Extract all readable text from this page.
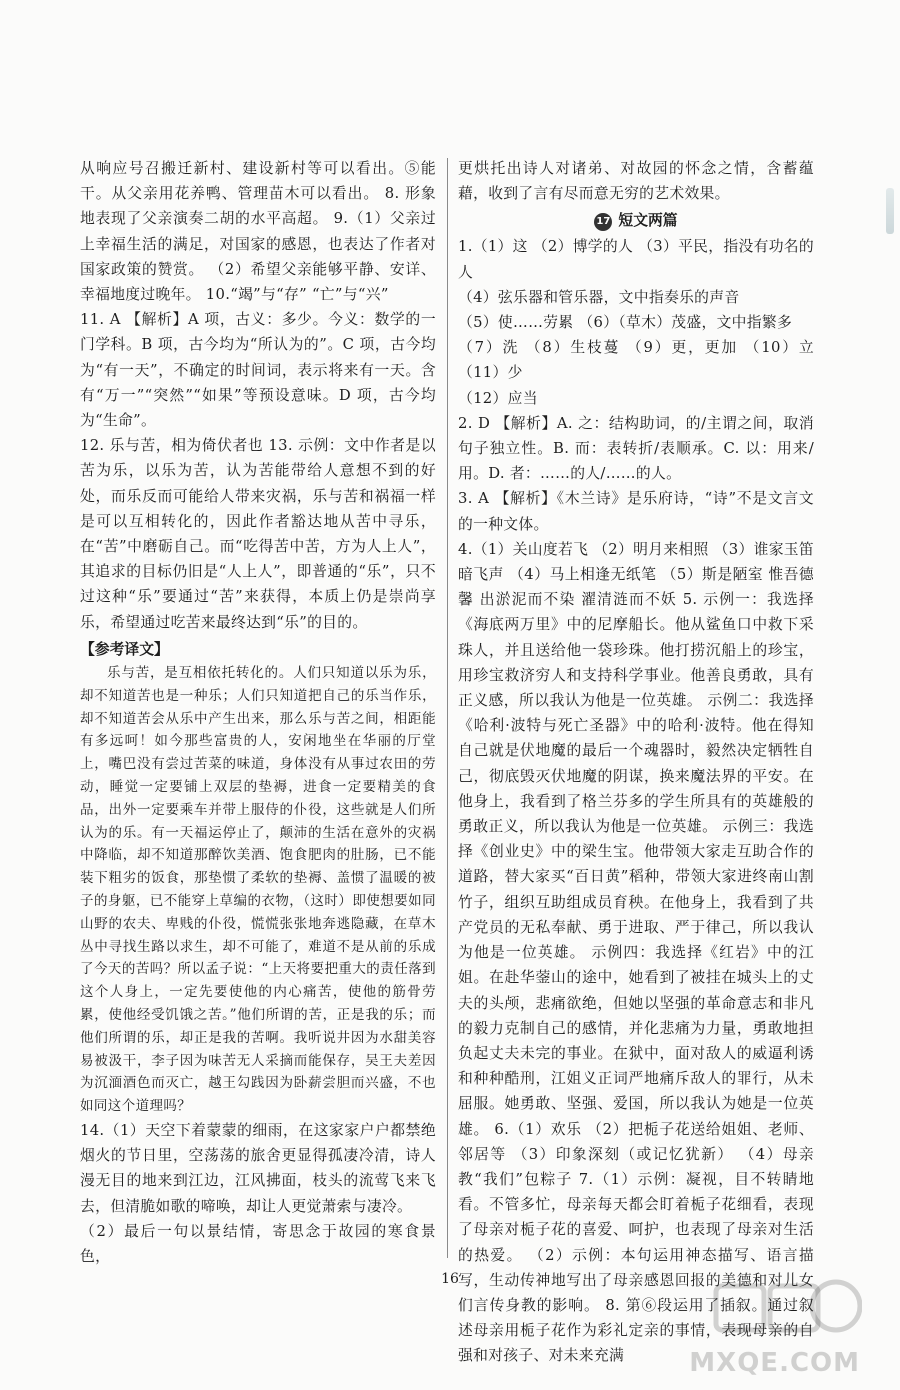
从响应号召搬迁新村、建设新村等可以看出。⑤能干。从父亲用花养鸭、管理苗木可以看出。 8. 形象地表现了父亲演奏二胡的水平高超。 9.（1）父亲过上幸福生活的满足，对国家的感恩，也表达了作者对国家政策的赞赏。 （2）希望父亲能够平静、安详、幸福地度过晚年。 10.“竭”与“存” “亡”与“兴”

11. A 【解析】A 项，古义：多少。今义：数学的一门学科。B 项，古今均为“所认为的”。C 项，古今均为“有一天”，不确定的时间词，表示将来有一天。含有“万一”“突然”“如果”等预设意味。D 项，古今均为“生命”。

12. 乐与苦，相为倚伏者也 13. 示例：文中作者是以苦为乐，以乐为苦，认为苦能带给人意想不到的好处，而乐反而可能给人带来灾祸，乐与苦和祸福一样是可以互相转化的，因此作者豁达地从苦中寻乐，在“苦”中磨砺自己。而“吃得苦中苦，方为人上人”，其追求的目标仍旧是“人上人”，即普通的“乐”，只不过这种“乐”要通过“苦”来获得，本质上仍是崇尚享乐，希望通过吃苦来最终达到“乐”的目的。

【参考译文】

乐与苦，是互相依托转化的。人们只知道以乐为乐，却不知道苦也是一种乐；人们只知道把自己的乐当作乐，却不知道苦会从乐中产生出来，那么乐与苦之间，相距能有多远呵！如今那些富贵的人，安闲地坐在华丽的厅堂上，嘴巴没有尝过苦菜的味道，身体没有从事过农田的劳动，睡觉一定要铺上双层的垫褥，进食一定要精美的食品，出外一定要乘车并带上服侍的仆役，这些就是人们所认为的乐。有一天福运停止了，颠沛的生活在意外的灾祸中降临，却不知道那醉饮美酒、饱食肥肉的肚肠，已不能装下粗劣的饭食，那垫惯了柔软的垫褥、盖惯了温暖的被子的身躯，已不能穿上草编的衣物，（这时）即使想要如同山野的农夫、卑贱的仆役，慌慌张张地奔逃隐藏，在草木丛中寻找生路以求生，却不可能了，难道不是从前的乐成了今天的苦吗？所以孟子说：“上天将要把重大的责任落到这个人身上，一定先要使他的内心痛苦，使他的筋骨劳累，使他经受饥饿之苦。”他们所谓的苦，正是我的乐；而他们所谓的乐，却正是我的苦啊。我听说井因为水甜美容易被汲干，李子因为味苦无人采摘而能保存，吴王夫差因为沉湎酒色而灭亡，越王勾践因为卧薪尝胆而兴盛，不也如同这个道理吗？

14.（1）天空下着蒙蒙的细雨，在这家家户户都禁绝烟火的节日里，空荡荡的旅舍更显得孤凄冷清，诗人漫无目的地来到江边，江风拂面，枝头的流莺飞来飞去，但清脆如歌的啼唤，却让人更觉萧索与凄冷。

（2）最后一句以景结情，寄思念于故园的寒食景色，

更烘托出诗人对诸弟、对故园的怀念之情，含蓄蕴藉，收到了言有尽而意无穷的艺术效果。

17 短文两篇

1.（1）这 （2）博学的人 （3）平民，指没有功名的人

（4）弦乐器和管乐器，文中指奏乐的声音

（5）使……劳累 （6）（草木）茂盛，文中指繁多

（7）洗 （8）生枝蔓 （9）更，更加 （10）立 （11）少

（12）应当

2. D 【解析】A. 之：结构助词，的/主谓之间，取消句子独立性。B. 而：表转折/表顺承。C. 以：用来/用。D. 者：……的人/……的人。

3. A 【解析】《木兰诗》是乐府诗，“诗”不是文言文的一种文体。

4.（1）关山度若飞 （2）明月来相照 （3）谁家玉笛暗飞声 （4）马上相逢无纸笔 （5）斯是陋室 惟吾德馨 出淤泥而不染 濯清涟而不妖 5. 示例一：我选择《海底两万里》中的尼摩船长。他从鲨鱼口中救下采珠人，并且送给他一袋珍珠。他打捞沉船上的珍宝，用珍宝救济穷人和支持科学事业。他善良勇敢，具有正义感，所以我认为他是一位英雄。 示例二：我选择《哈利·波特与死亡圣器》中的哈利·波特。他在得知自己就是伏地魔的最后一个魂器时，毅然决定牺牲自己，彻底毁灭伏地魔的阴谋，换来魔法界的平安。在他身上，我看到了格兰芬多的学生所具有的英雄般的勇敢正义，所以我认为他是一位英雄。 示例三：我选择《创业史》中的梁生宝。他带领大家走互助合作的道路，替大家买“百日黄”稻种，带领大家进终南山割竹子，组织互助组成员育秧。在他身上，我看到了共产党员的无私奉献、勇于进取、严于律己，所以我认为他是一位英雄。 示例四：我选择《红岩》中的江姐。在赴华蓥山的途中，她看到了被挂在城头上的丈夫的头颅，悲痛欲绝，但她以坚强的革命意志和非凡的毅力克制自己的感情，并化悲痛为力量，勇敢地担负起丈夫未完的事业。在狱中，面对敌人的威逼利诱和种种酷刑，江姐义正词严地痛斥敌人的罪行，从未屈服。她勇敢、坚强、爱国，所以我认为她是一位英雄。 6.（1）欢乐 （2）把栀子花送给姐姐、老师、邻居等 （3）印象深刻（或记忆犹新） （4）母亲教“我们”包粽子 7.（1）示例：凝视，目不转睛地看。不管多忙，母亲每天都会盯着栀子花细看，表现了母亲对栀子花的喜爱、呵护，也表现了母亲对生活的热爱。 （2）示例：本句运用神态描写、语言描写，生动传神地写出了母亲感恩回报的美德和对儿女们言传身教的影响。 8. 第⑥段运用了插叙。通过叙述母亲用栀子花作为彩礼定亲的事情，表现母亲的自强和对孩子、对未来充满

16
MXQE.COM
